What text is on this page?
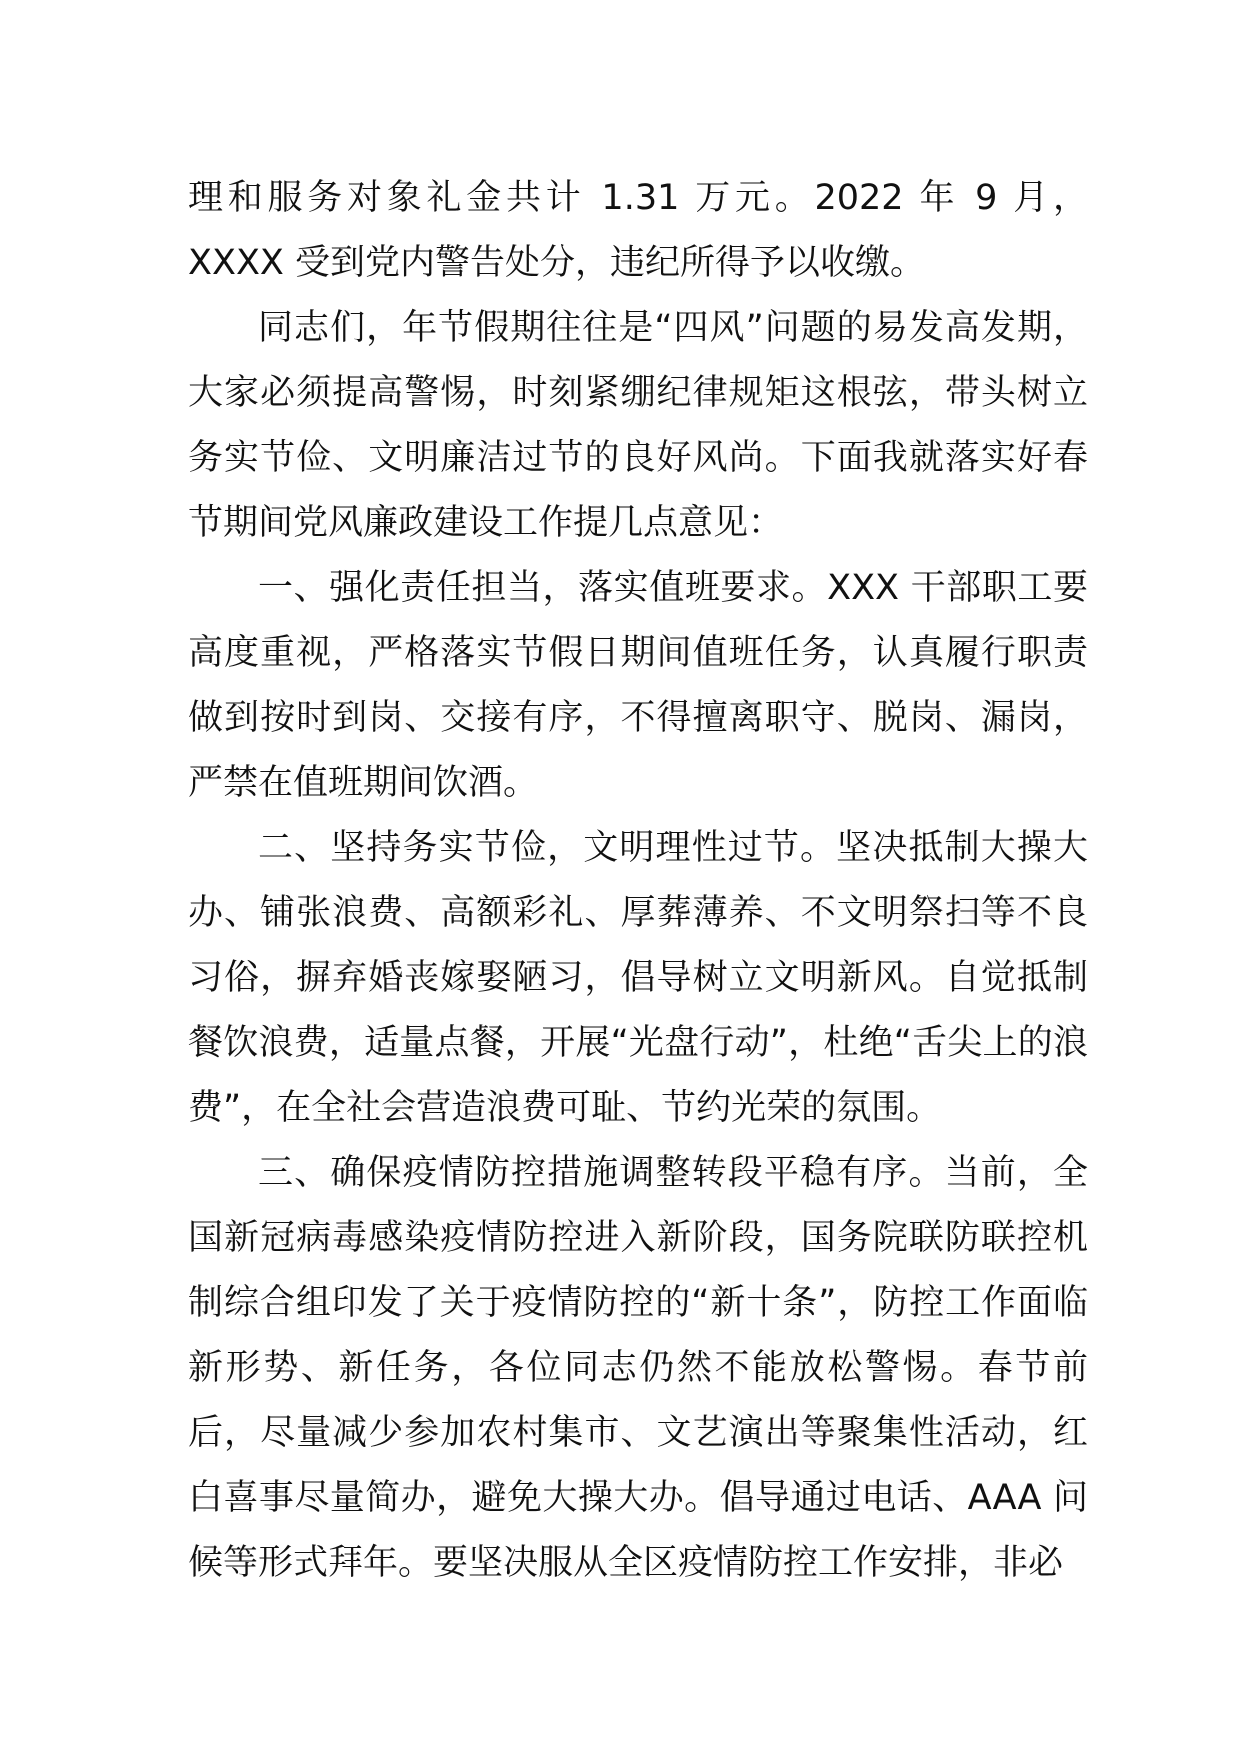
理和服务对象礼金共计 1.31 万元。2022 年 9 月，XXXX 受到党内警告处分，违纪所得予以收缴。

同志们，年节假期往往是“四风”问题的易发高发期，大家必须提高警惕，时刻紧绷纪律规矩这根弦，带头树立务实节俭、文明廉洁过节的良好风尚。下面我就落实好春节期间党风廉政建设工作提几点意见：

一、强化责任担当，落实值班要求。XXX 干部职工要高度重视，严格落实节假日期间值班任务，认真履行职责做到按时到岗、交接有序，不得擅离职守、脱岗、漏岗，严禁在值班期间饮酒。

二、坚持务实节俭，文明理性过节。坚决抵制大操大办、铺张浪费、高额彩礼、厚葬薄养、不文明祭扫等不良习俗，摒弃婚丧嫁娶陋习，倡导树立文明新风。自觉抵制餐饮浪费，适量点餐，开展“光盘行动”，杜绝“舌尖上的浪费”，在全社会营造浪费可耻、节约光荣的氛围。

三、确保疫情防控措施调整转段平稳有序。当前，全国新冠病毒感染疫情防控进入新阶段，国务院联防联控机制综合组印发了关于疫情防控的“新十条”，防控工作面临新形势、新任务，各位同志仍然不能放松警惕。春节前后，尽量减少参加农村集市、文艺演出等聚集性活动，红白喜事尽量简办，避免大操大办。倡导通过电话、AAA 问候等形式拜年。要坚决服从全区疫情防控工作安排，非必
